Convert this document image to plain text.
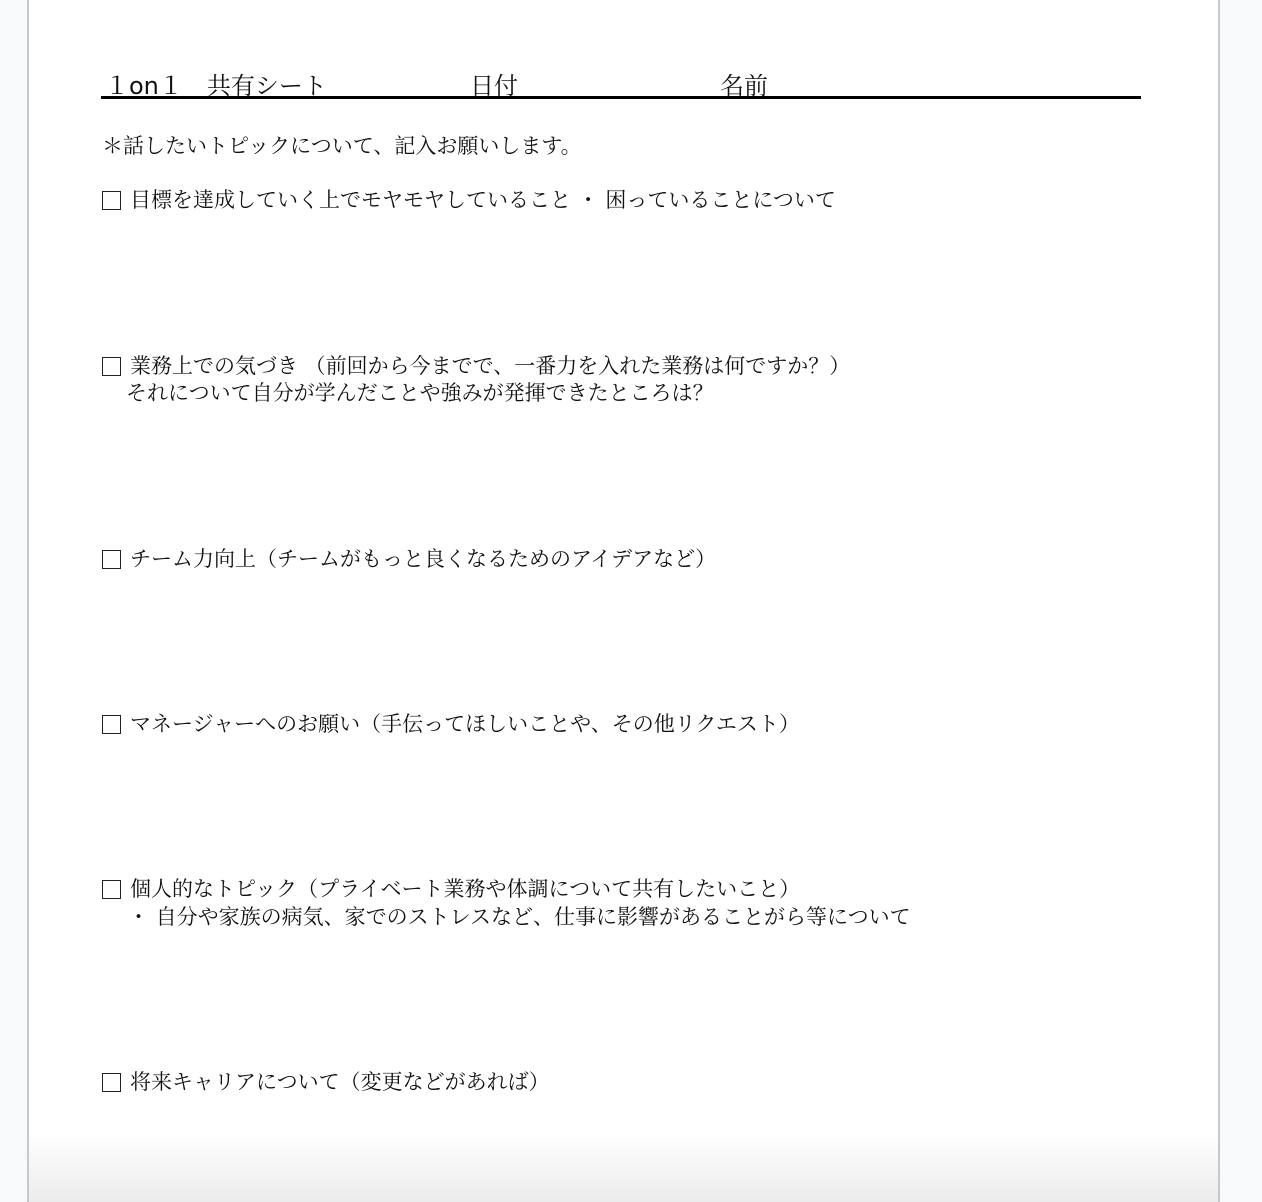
１on１　共有シート	日付	名前
＊話したいトピックについて、記入お願いします。
目標を達成していく上でモヤモヤしていること ・ 困っていることについて
業務上での気づき （前回から今までで、一番力を入れた業務は何ですか？）
それについて自分が学んだことや強みが発揮できたところは？
チーム力向上（チームがもっと良くなるためのアイデアなど）
マネージャーへのお願い（手伝ってほしいことや、その他リクエスト）
個人的なトピック（プライベート業務や体調について共有したいこと）
・ 自分や家族の病気、家でのストレスなど、仕事に影響があることがら等について
将来キャリアについて（変更などがあれば）
